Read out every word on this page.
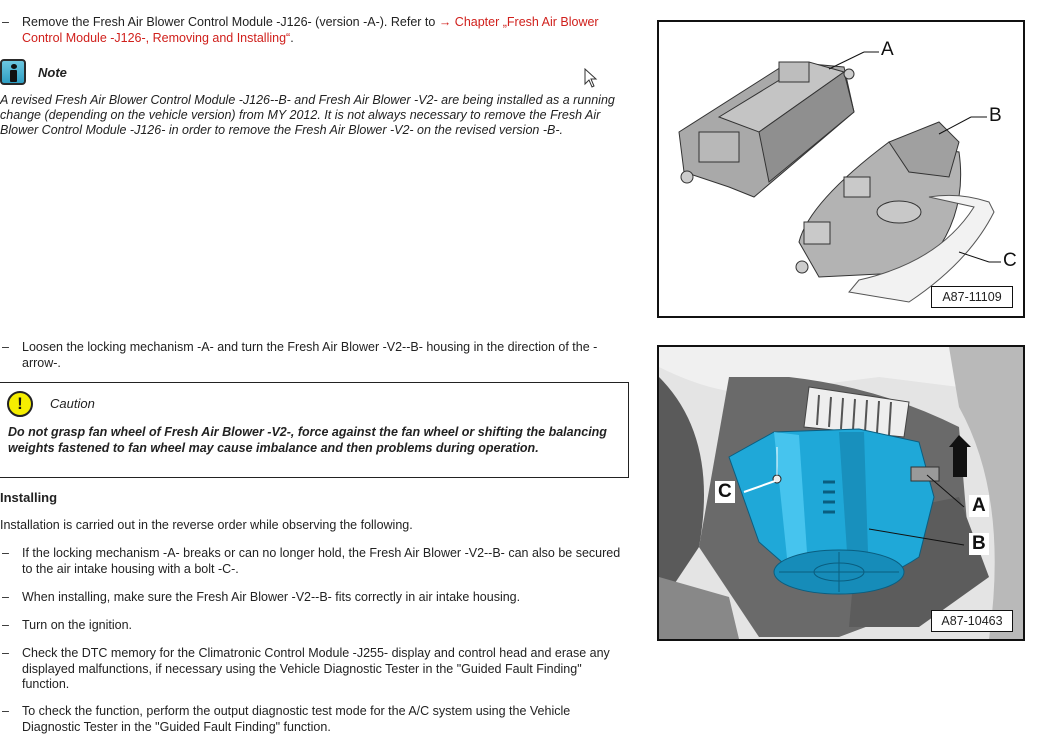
– Remove the Fresh Air Blower Control Module -J126- (version -A-). Refer to → Chapter „Fresh Air Blower Control Module -J126-, Removing and Installing“.
Note
A revised Fresh Air Blower Control Module -J126--B- and Fresh Air Blower -V2- are being installed as a running change (depending on the vehicle version) from MY 2012. It is not always necessary to remove the Fresh Air Blower Control Module -J126- in order to remove the Fresh Air Blower -V2- on the revised version -B-.
– Loosen the locking mechanism -A- and turn the Fresh Air Blower -V2--B- housing in the direction of the -arrow-.
!	Caution
Do not grasp fan wheel of Fresh Air Blower -V2-, force against the fan wheel or shifting the balancing weights fastened to fan wheel may cause imbalance and then problems during operation.
Installing
Installation is carried out in the reverse order while observing the following.
– If the locking mechanism -A- breaks or can no longer hold, the Fresh Air Blower -V2--B- can also be secured to the air intake housing with a bolt -C-.
– When installing, make sure the Fresh Air Blower -V2--B- fits correctly in air intake housing.
– Turn on the ignition.
– Check the DTC memory for the Climatronic Control Module -J255- display and control head and erase any displayed malfunctions, if necessary using the Vehicle Diagnostic Tester in the "Guided Fault Finding" function.
– To check the function, perform the output diagnostic test mode for the A/C system using the Vehicle Diagnostic Tester in the "Guided Fault Finding" function.
A
B
C
A87-11109
C
A
B
A87-10463
